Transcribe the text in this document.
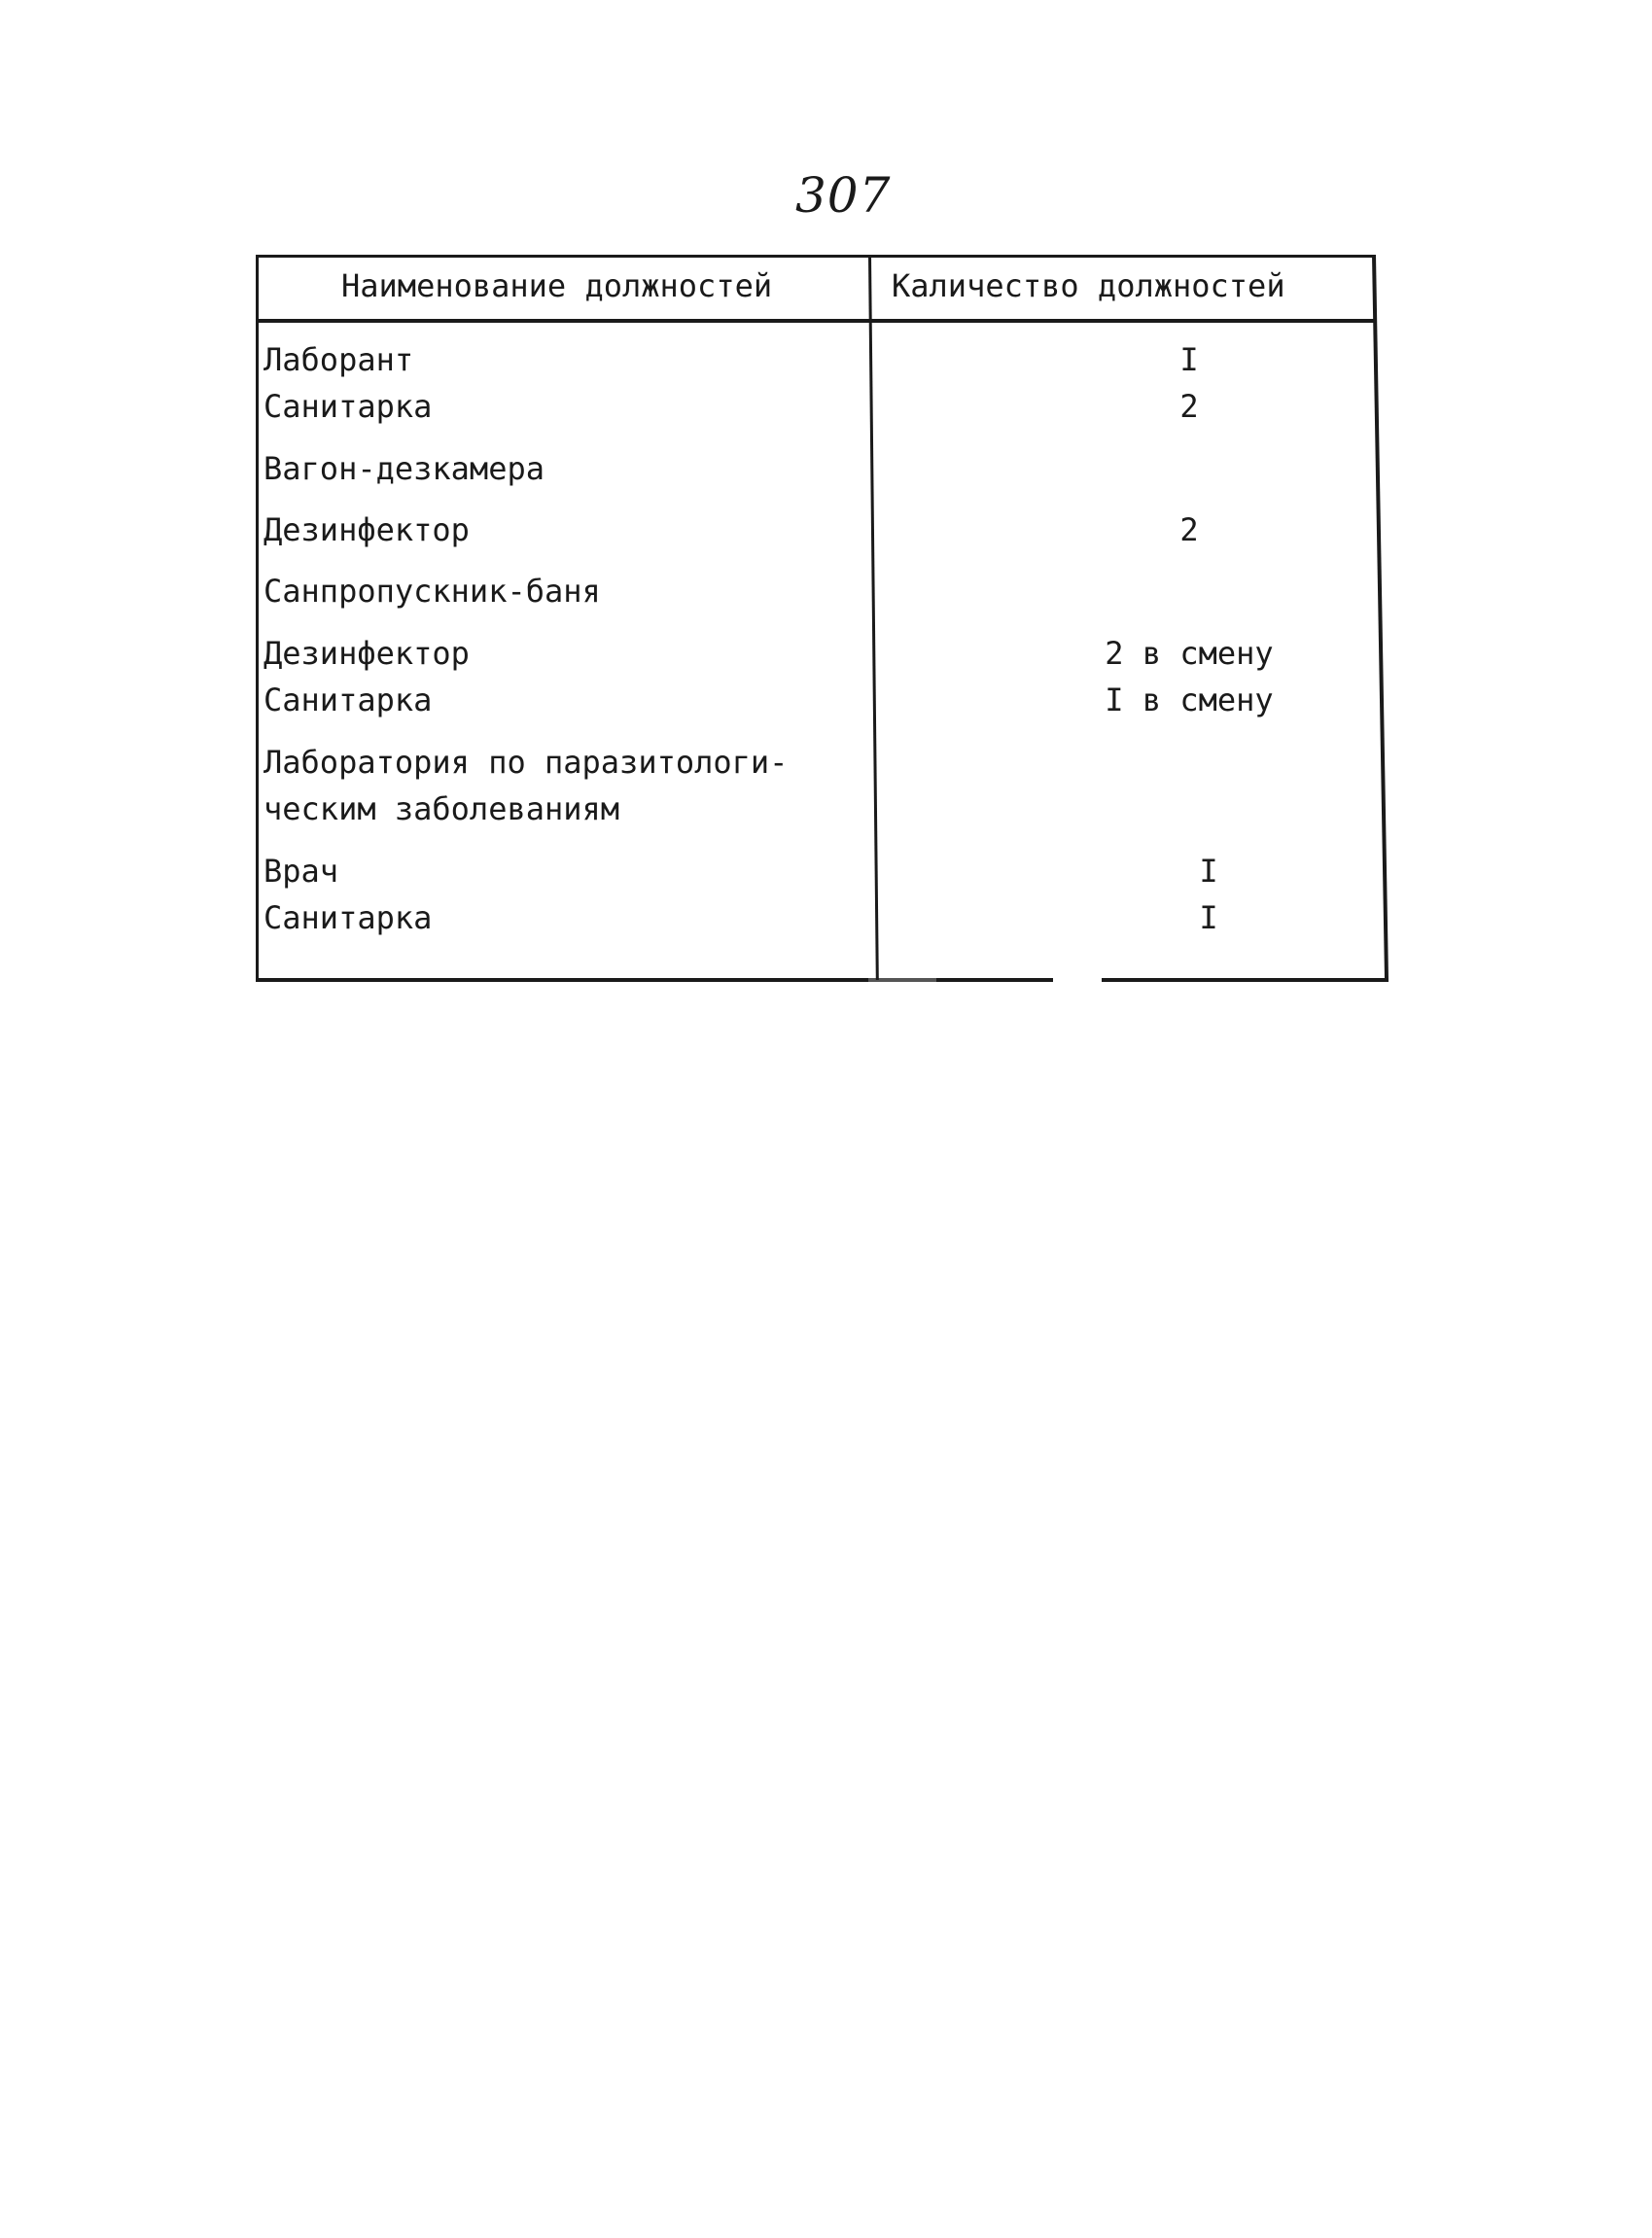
307
Наименование должностей	Каличество должностей
Лаборант	I
Санитарка	2
Вагон-дезкамера
Дезинфектор	2
Санпропускник-баня
Дезинфектор	2 в смену
Санитарка	I в смену
Лаборатория по паразитологи-
ческим заболеваниям
Врач	I
Санитарка	I
